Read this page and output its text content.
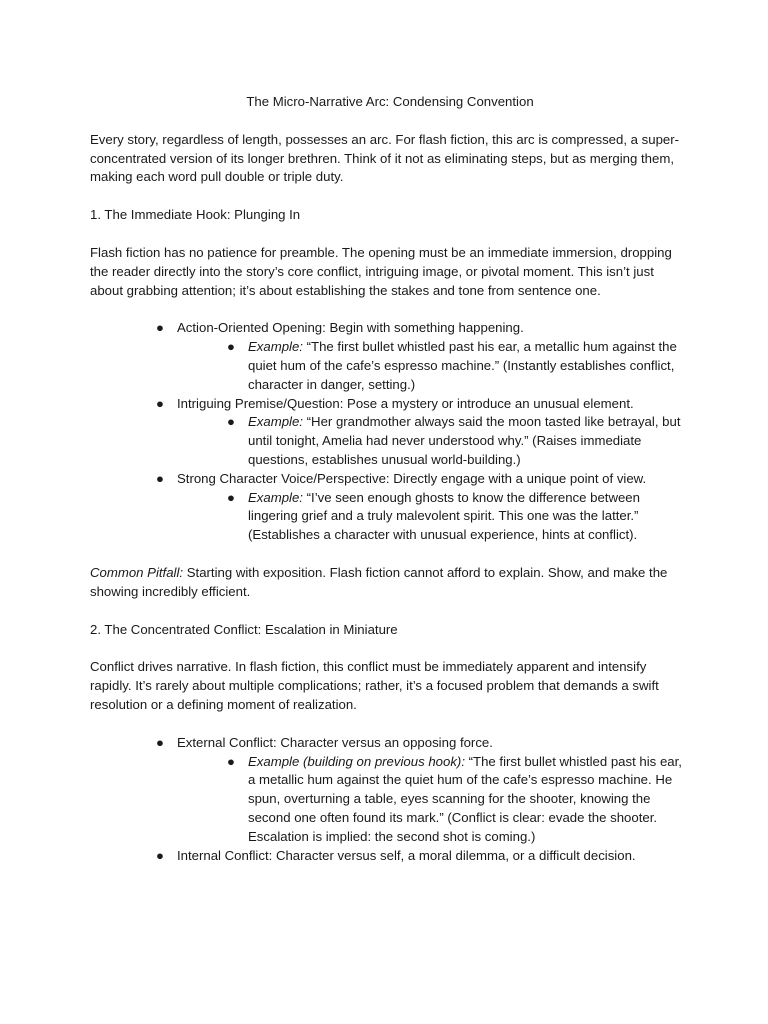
The Micro-Narrative Arc: Condensing Convention

Every story, regardless of length, possesses an arc. For flash fiction, this arc is compressed, a super-concentrated version of its longer brethren. Think of it not as eliminating steps, but as merging them, making each word pull double or triple duty.

1. The Immediate Hook: Plunging In

Flash fiction has no patience for preamble. The opening must be an immediate immersion, dropping the reader directly into the story’s core conflict, intriguing image, or pivotal moment. This isn’t just about grabbing attention; it’s about establishing the stakes and tone from sentence one.

● Action-Oriented Opening: Begin with something happening.
● Example: “The first bullet whistled past his ear, a metallic hum against the quiet hum of the cafe’s espresso machine.” (Instantly establishes conflict, character in danger, setting.)
● Intriguing Premise/Question: Pose a mystery or introduce an unusual element.
● Example: “Her grandmother always said the moon tasted like betrayal, but until tonight, Amelia had never understood why.” (Raises immediate questions, establishes unusual world-building.)
● Strong Character Voice/Perspective: Directly engage with a unique point of view.
● Example: “I’ve seen enough ghosts to know the difference between lingering grief and a truly malevolent spirit. This one was the latter.” (Establishes a character with unusual experience, hints at conflict).

Common Pitfall: Starting with exposition. Flash fiction cannot afford to explain. Show, and make the showing incredibly efficient.

2. The Concentrated Conflict: Escalation in Miniature

Conflict drives narrative. In flash fiction, this conflict must be immediately apparent and intensify rapidly. It’s rarely about multiple complications; rather, it’s a focused problem that demands a swift resolution or a defining moment of realization.

● External Conflict: Character versus an opposing force.
● Example (building on previous hook): “The first bullet whistled past his ear, a metallic hum against the quiet hum of the cafe’s espresso machine. He spun, overturning a table, eyes scanning for the shooter, knowing the second one often found its mark.” (Conflict is clear: evade the shooter. Escalation is implied: the second shot is coming.)
● Internal Conflict: Character versus self, a moral dilemma, or a difficult decision.
